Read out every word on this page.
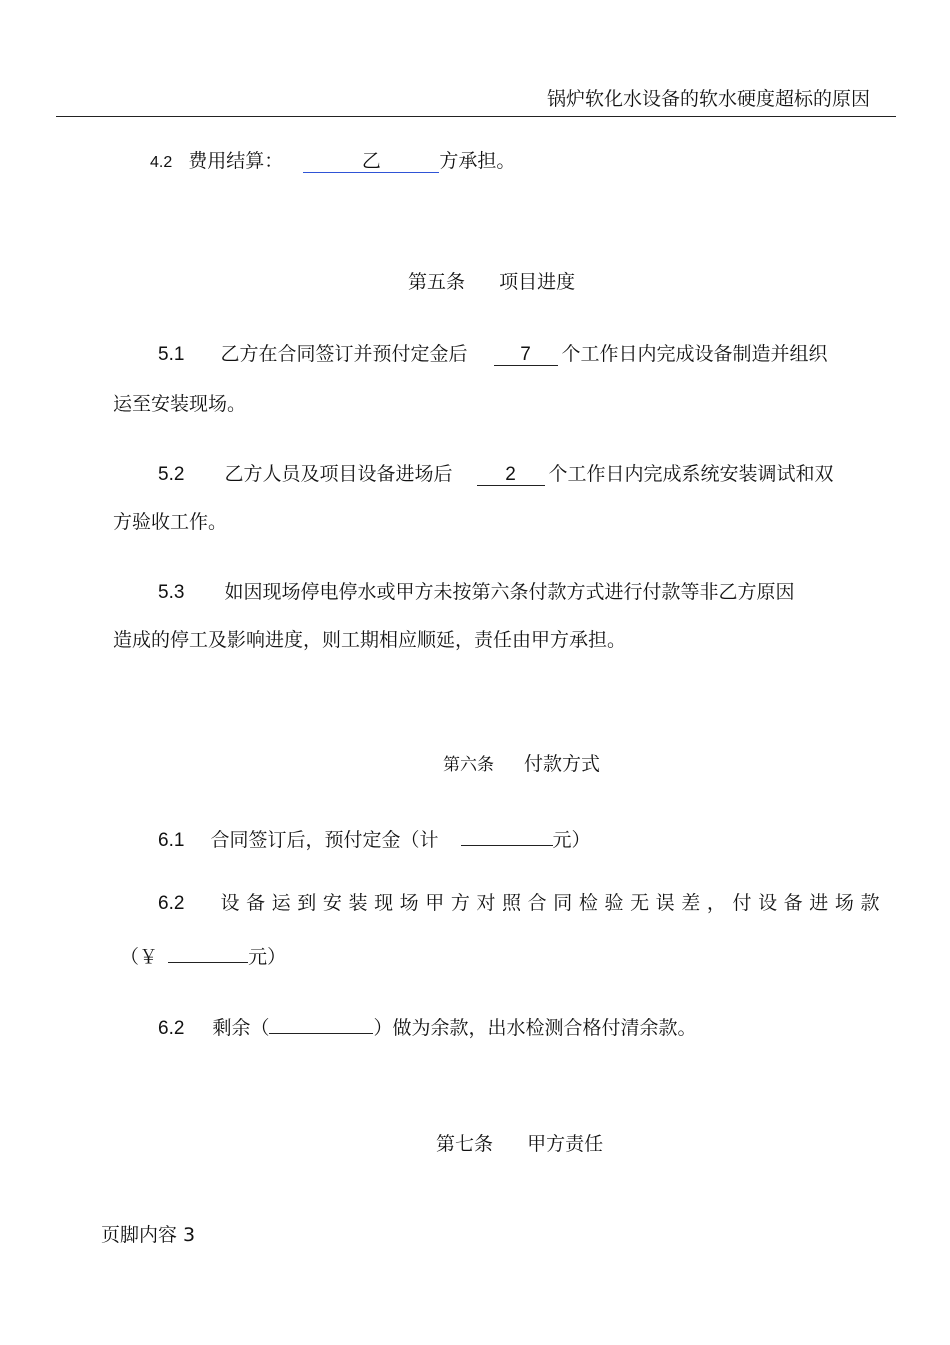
锅炉软化水设备的软水硬度超标的原因
4.2 费用结算：	乙	方承担。
第五条 项目进度
5.1 乙方在合同签订并预付定金后	7 个工作日内完成设备制造并组织
运至安装现场。
5.2 乙方人员及项目设备进场后	2 个工作日内完成系统安装调试和双
方验收工作。
5.3 如因现场停电停水或甲方未按第六条付款方式进行付款等非乙方原因
造成的停工及影响进度，则工期相应顺延，责任由甲方承担。
第六条 付款方式
6.1 合同签订后，预付定金（计	元）
6.2 设备运到安装现场甲方对照合同检验无误差，付设备进场款
（￥	元）
6.2 剩余（	）做为余款，出水检测合格付清余款。
第七条 甲方责任
页脚内容 3
